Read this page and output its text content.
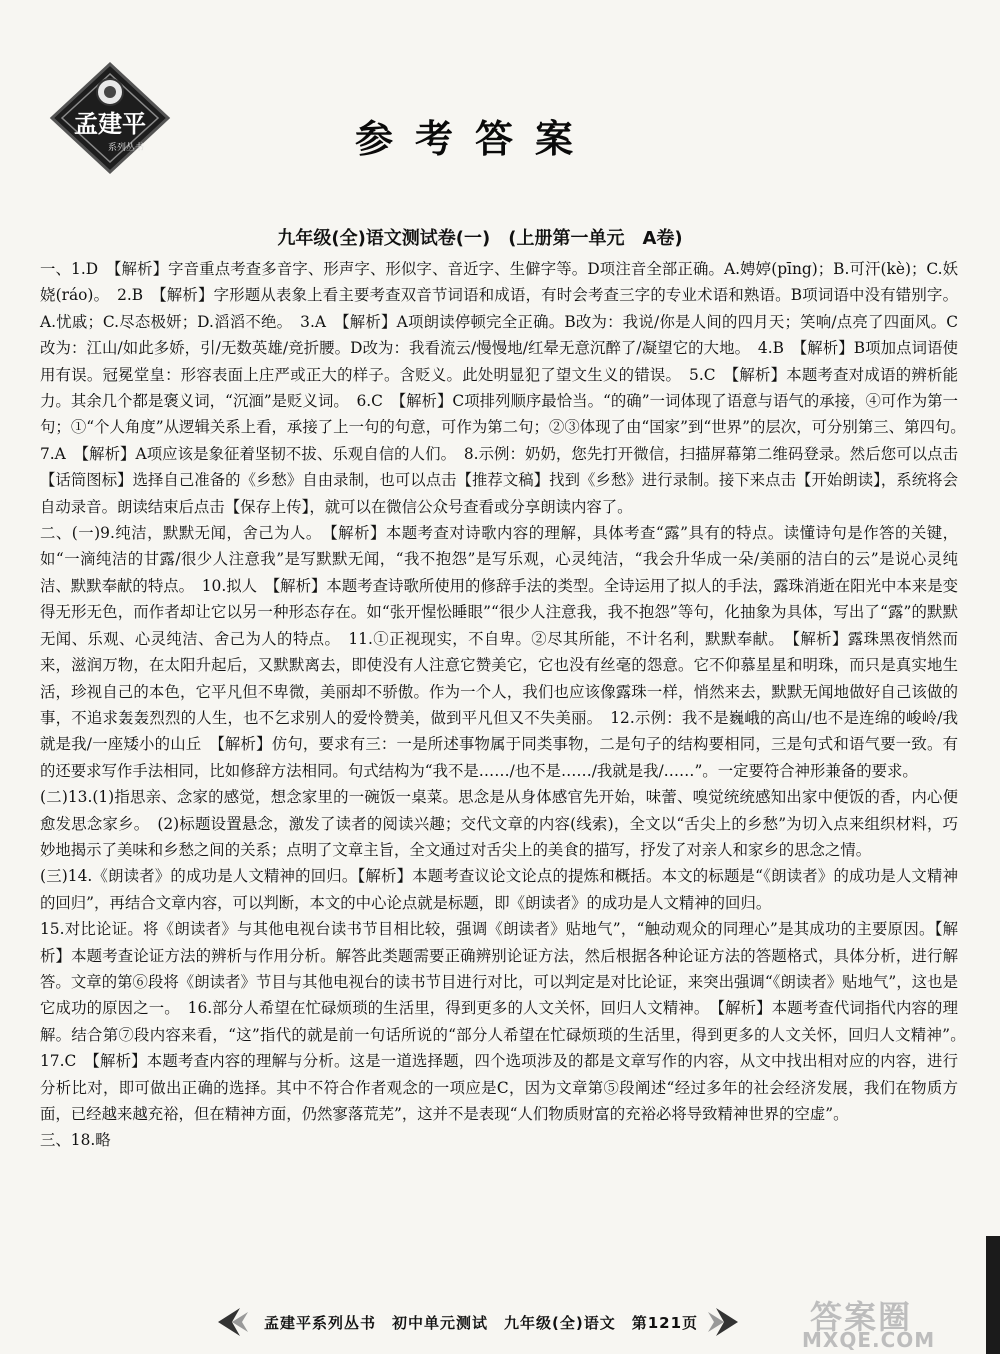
孟建平
系列丛书	参考答案
九年级(全)语文测试卷(一)　(上册第一单元　A卷)

一、1.D　【解析】字音重点考查多音字、形声字、形似字、音近字、生僻字等。D项注音全部正确。A.娉婷(pīng)；B.可汗(kè)；C.妖娆(ráo)。　2.B　【解析】字形题从表象上看主要考查双音节词语和成语，有时会考查三字的专业术语和熟语。B项词语中没有错别字。A.忧戚；C.尽态极妍；D.滔滔不绝。　3.A　【解析】A项朗读停顿完全正确。B改为：我说/你是人间的四月天；笑响/点亮了四面风。C改为：江山/如此多娇，引/无数英雄/竞折腰。D改为：我看流云/慢慢地/红晕无意沉醉了/凝望它的大地。　4.B　【解析】B项加点词语使用有误。冠冕堂皇：形容表面上庄严或正大的样子。含贬义。此处明显犯了望文生义的错误。　5.C　【解析】本题考查对成语的辨析能力。其余几个都是褒义词，“沉湎”是贬义词。　6.C　【解析】C项排列顺序最恰当。“的确”一词体现了语意与语气的承接，④可作为第一句；①“个人角度”从逻辑关系上看，承接了上一句的句意，可作为第二句；②③体现了由“国家”到“世界”的层次，可分别第三、第四句。　7.A　【解析】A项应该是象征着坚韧不拔、乐观自信的人们。　8.示例：奶奶，您先打开微信，扫描屏幕第二维码登录。然后您可以点击【话筒图标】选择自己准备的《乡愁》自由录制，也可以点击【推荐文稿】找到《乡愁》进行录制。接下来点击【开始朗读】，系统将会自动录音。朗读结束后点击【保存上传】，就可以在微信公众号查看或分享朗读内容了。

二、(一)9.纯洁，默默无闻，舍己为人。　【解析】本题考查对诗歌内容的理解，具体考查“露”具有的特点。读懂诗句是作答的关键，如“一滴纯洁的甘露/很少人注意我”是写默默无闻，“我不抱怨”是写乐观，心灵纯洁，“我会升华成一朵/美丽的洁白的云”是说心灵纯洁、默默奉献的特点。　10.拟人　【解析】本题考查诗歌所使用的修辞手法的类型。全诗运用了拟人的手法，露珠消逝在阳光中本来是变得无形无色，而作者却让它以另一种形态存在。如“张开惺忪睡眼”“很少人注意我，我不抱怨”等句，化抽象为具体，写出了“露”的默默无闻、乐观、心灵纯洁、舍己为人的特点。　11.①正视现实，不自卑。②尽其所能，不计名利，默默奉献。　【解析】露珠黑夜悄然而来，滋润万物，在太阳升起后，又默默离去，即使没有人注意它赞美它，它也没有丝毫的怨意。它不仰慕星星和明珠，而只是真实地生活，珍视自己的本色，它平凡但不卑微，美丽却不骄傲。作为一个人，我们也应该像露珠一样，悄然来去，默默无闻地做好自己该做的事，不追求轰轰烈烈的人生，也不乞求别人的爱怜赞美，做到平凡但又不失美丽。　12.示例：我不是巍峨的高山/也不是连绵的峻岭/我就是我/一座矮小的山丘　【解析】仿句，要求有三：一是所述事物属于同类事物，二是句子的结构要相同，三是句式和语气要一致。有的还要求写作手法相同，比如修辞方法相同。句式结构为“我不是……/也不是……/我就是我/……”。一定要符合神形兼备的要求。

(二)13.(1)指思亲、念家的感觉，想念家里的一碗饭一桌菜。思念是从身体感官先开始，味蕾、嗅觉统统感知出家中便饭的香，内心便愈发思念家乡。　(2)标题设置悬念，激发了读者的阅读兴趣；交代文章的内容(线索)，全文以“舌尖上的乡愁”为切入点来组织材料，巧妙地揭示了美味和乡愁之间的关系；点明了文章主旨，全文通过对舌尖上的美食的描写，抒发了对亲人和家乡的思念之情。

(三)14.《朗读者》的成功是人文精神的回归。【解析】本题考查议论文论点的提炼和概括。本文的标题是“《朗读者》的成功是人文精神的回归”，再结合文章内容，可以判断，本文的中心论点就是标题，即《朗读者》的成功是人文精神的回归。

15.对比论证。将《朗读者》与其他电视台读书节目相比较，强调《朗读者》贴地气”，“触动观众的同理心”是其成功的主要原因。【解析】本题考查论证方法的辨析与作用分析。解答此类题需要正确辨别论证方法，然后根据各种论证方法的答题格式，具体分析，进行解答。文章的第⑥段将《朗读者》节目与其他电视台的读书节目进行对比，可以判定是对比论证，来突出强调“《朗读者》贴地气”，这也是它成功的原因之一。　16.部分人希望在忙碌烦琐的生活里，得到更多的人文关怀，回归人文精神。　【解析】本题考查代词指代内容的理解。结合第⑦段内容来看，“这”指代的就是前一句话所说的“部分人希望在忙碌烦琐的生活里，得到更多的人文关怀，回归人文精神”。　17.C　【解析】本题考查内容的理解与分析。这是一道选择题，四个选项涉及的都是文章写作的内容，从文中找出相对应的内容，进行分析比对，即可做出正确的选择。其中不符合作者观念的一项应是C，因为文章第⑤段阐述“经过多年的社会经济发展，我们在物质方面，已经越来越充裕，但在精神方面，仍然寥落荒芜”，这并不是表现“人们物质财富的充裕必将导致精神世界的空虚”。

三、18.略

孟建平系列丛书　初中单元测试　九年级(全)语文　第121页	答案圈
MXQE.COM
